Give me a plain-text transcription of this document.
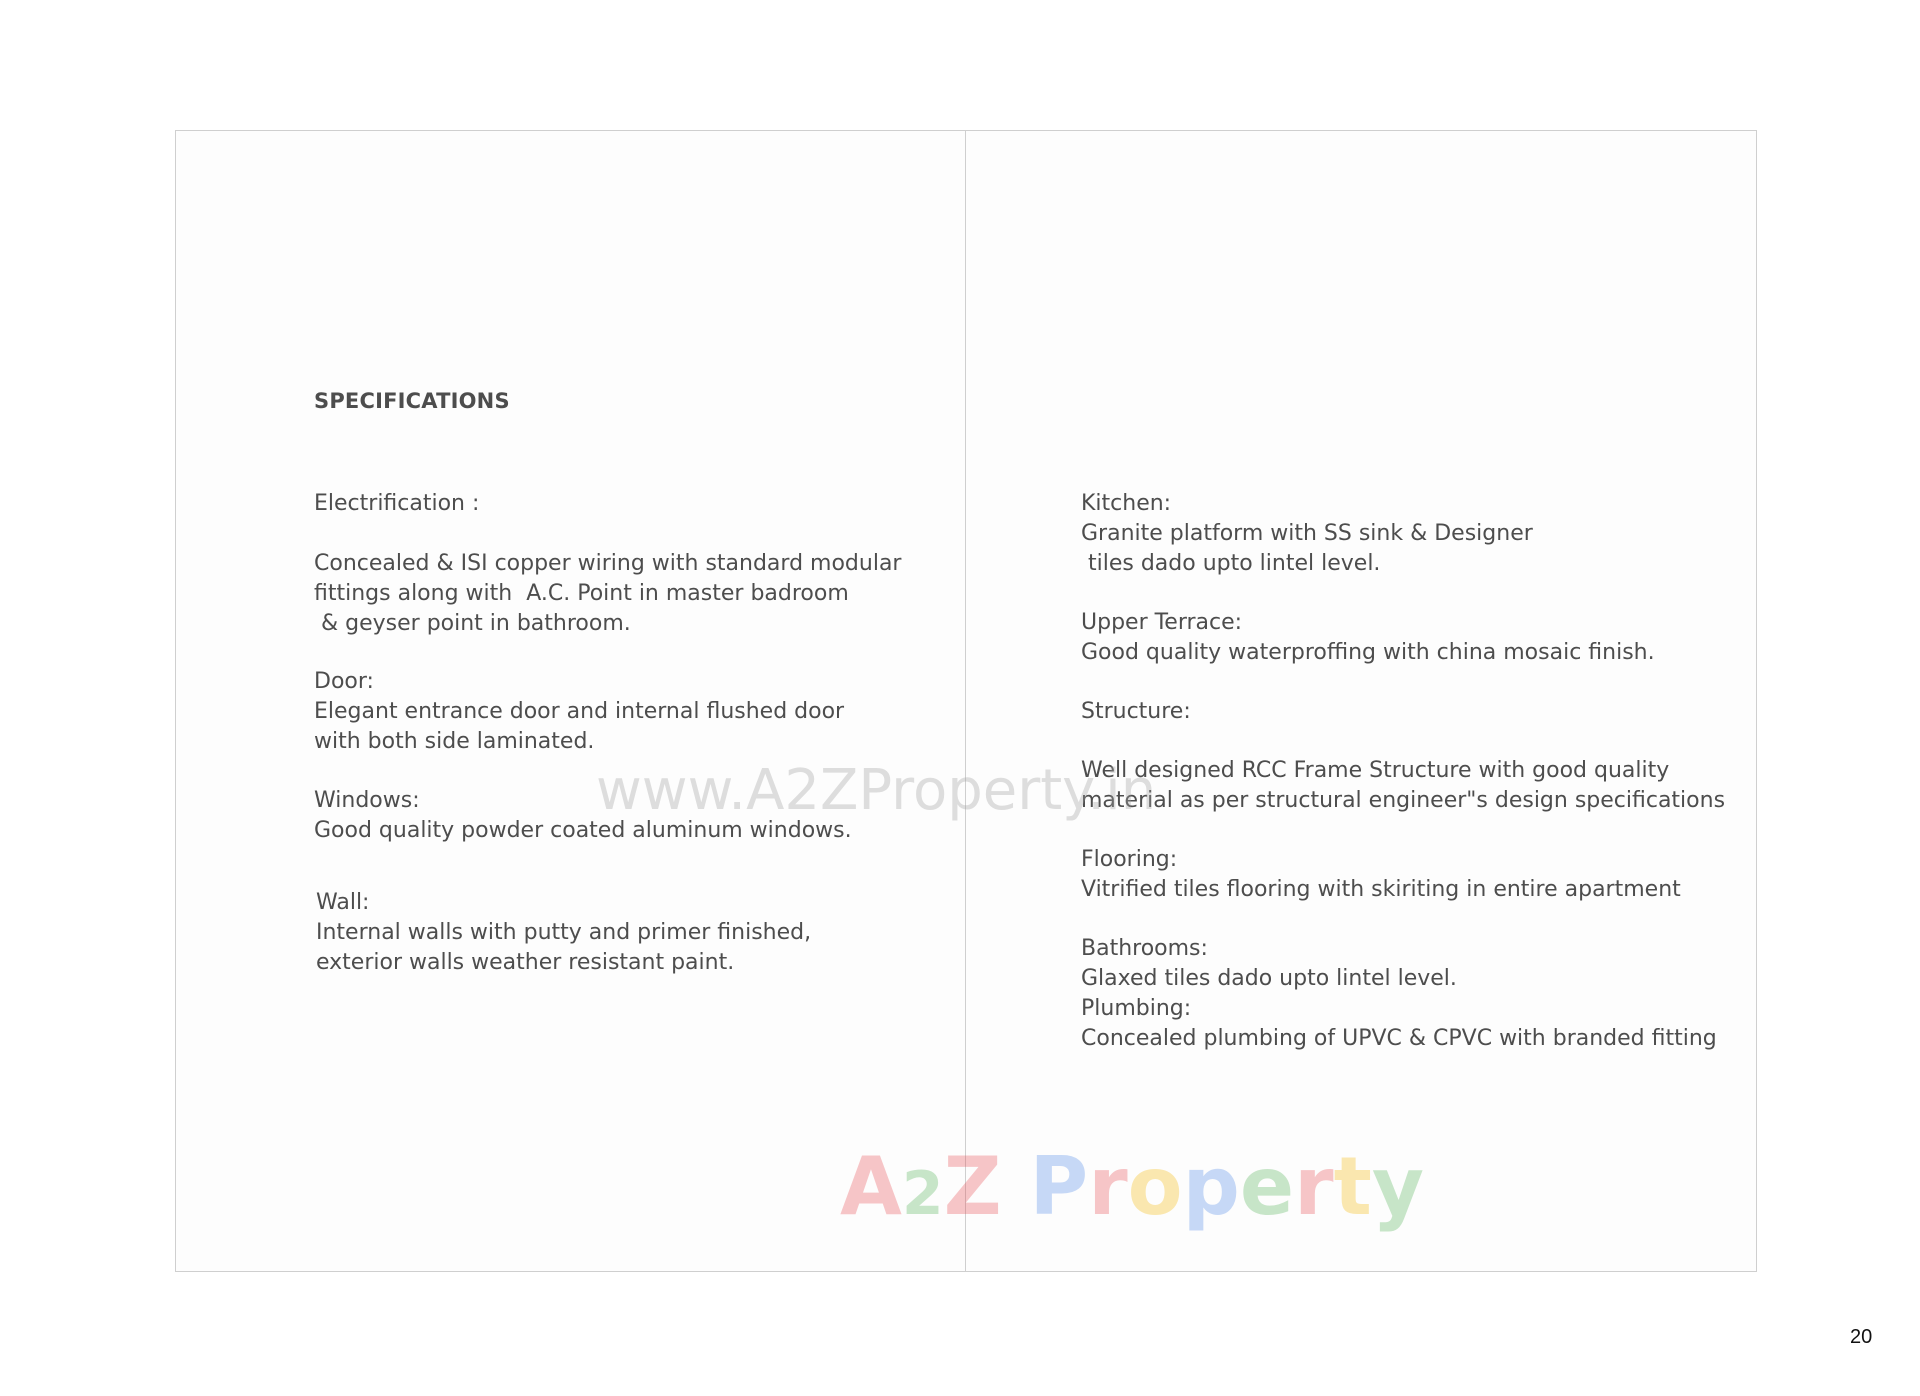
SPECIFICATIONS
Electrification :
Concealed & ISI copper wiring with standard modular
fittings along with  A.C. Point in master badroom
& geyser point in bathroom.
Door:
Elegant entrance door and internal flushed door
with both side laminated.
Windows:
Good quality powder coated aluminum windows.
Wall:
Internal walls with putty and primer finished,
exterior walls weather resistant paint.
Kitchen:
Granite platform with SS sink & Designer
tiles dado upto lintel level.
Upper Terrace:
Good quality waterproffing with china mosaic finish.
Structure:
Well designed RCC Frame Structure with good quality
material as per structural engineer"s design specifications
Flooring:
Vitrified tiles flooring with skiriting in entire apartment
Bathrooms:
Glaxed tiles dado upto lintel level.
Plumbing:
Concealed plumbing of UPVC & CPVC with branded fitting
www.A2ZProperty.in
A2Z Property
20
